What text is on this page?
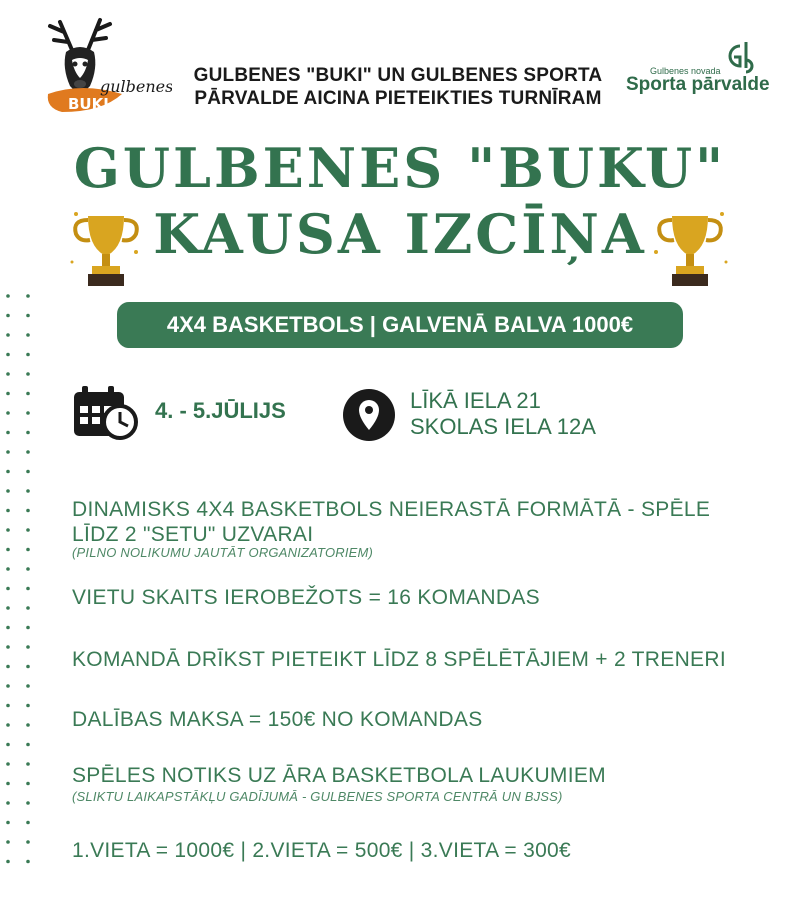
gulbenes
BUKI
GULBENES "BUKI" UN GULBENES SPORTA
PĀRVALDE AICINA PIETEIKTIES TURNĪRAM
Gulbenes novada
Sporta pārvalde
GULBENES "BUKU"
KAUSA IZCĪŅA
4X4 BASKETBOLS | GALVENĀ BALVA 1000€
4. - 5.JŪLIJS	LĪKĀ IELA 21
SKOLAS IELA 12A
DINAMISKS 4X4 BASKETBOLS NEIERASTĀ FORMĀTĀ - SPĒLE
LĪDZ 2 "SETU" UZVARAI
(PILNO NOLIKUMU JAUTĀT ORGANIZATORIEM)
VIETU SKAITS IEROBEŽOTS = 16 KOMANDAS
KOMANDĀ DRĪKST PIETEIKT LĪDZ 8 SPĒLĒTĀJIEM + 2 TRENERI
DALĪBAS MAKSA = 150€ NO KOMANDAS
SPĒLES NOTIKS UZ ĀRA BASKETBOLA LAUKUMIEM
(SLIKTU LAIKAPSTĀKĻU GADĪJUMĀ - GULBENES SPORTA CENTRĀ UN BJSS)
1.VIETA = 1000€ | 2.VIETA = 500€ | 3.VIETA = 300€
